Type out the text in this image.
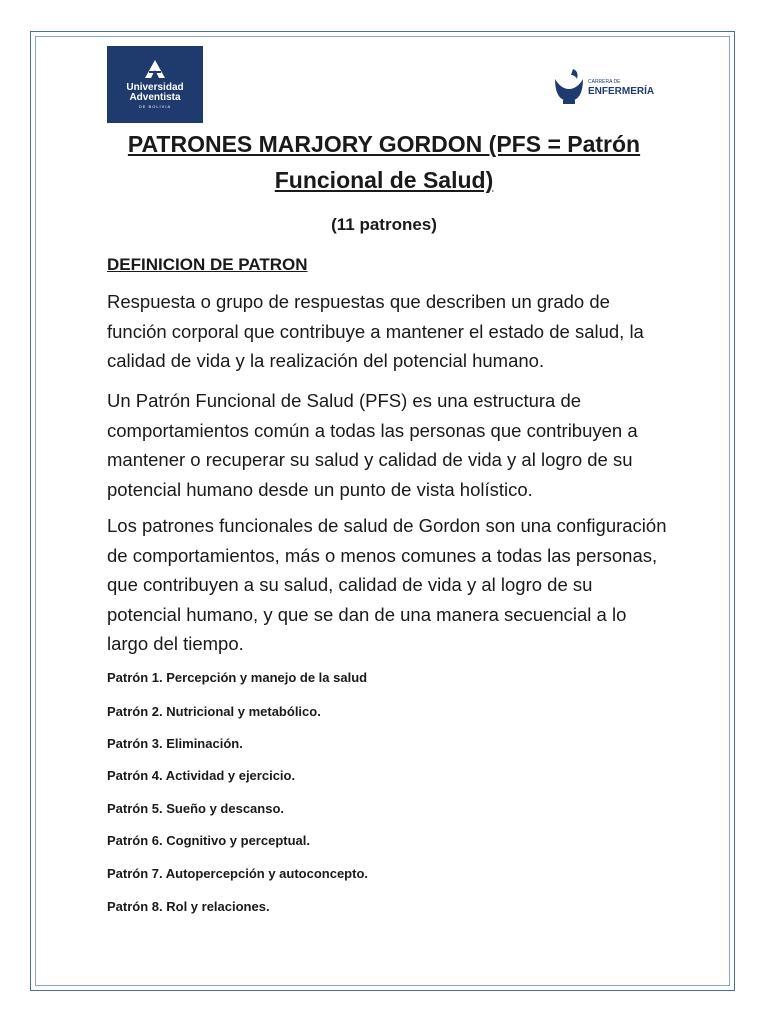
Universidad
Adventista
DE BOLIVIA
CARRERA DE
ENFERMERÍA
PATRONES MARJORY GORDON (PFS = Patrón Funcional de Salud)
(11 patrones)
DEFINICION DE PATRON

Respuesta o grupo de respuestas que describen un grado de función corporal que contribuye a mantener el estado de salud, la calidad de vida y la realización del potencial humano.

Un Patrón Funcional de Salud (PFS) es una estructura de comportamientos común a todas las personas que contribuyen a mantener o recuperar su salud y calidad de vida y al logro de su potencial humano desde un punto de vista holístico.

Los patrones funcionales de salud de Gordon son una configuración de comportamientos, más o menos comunes a todas las personas, que contribuyen a su salud, calidad de vida y al logro de su potencial humano, y que se dan de una manera secuencial a lo largo del tiempo.

Patrón 1. Percepción y manejo de la salud
Patrón 2. Nutricional y metabólico.
Patrón 3. Eliminación.
Patrón 4. Actividad y ejercicio.
Patrón 5. Sueño y descanso.
Patrón 6. Cognitivo y perceptual.
Patrón 7. Autopercepción y autoconcepto.
Patrón 8. Rol y relaciones.
